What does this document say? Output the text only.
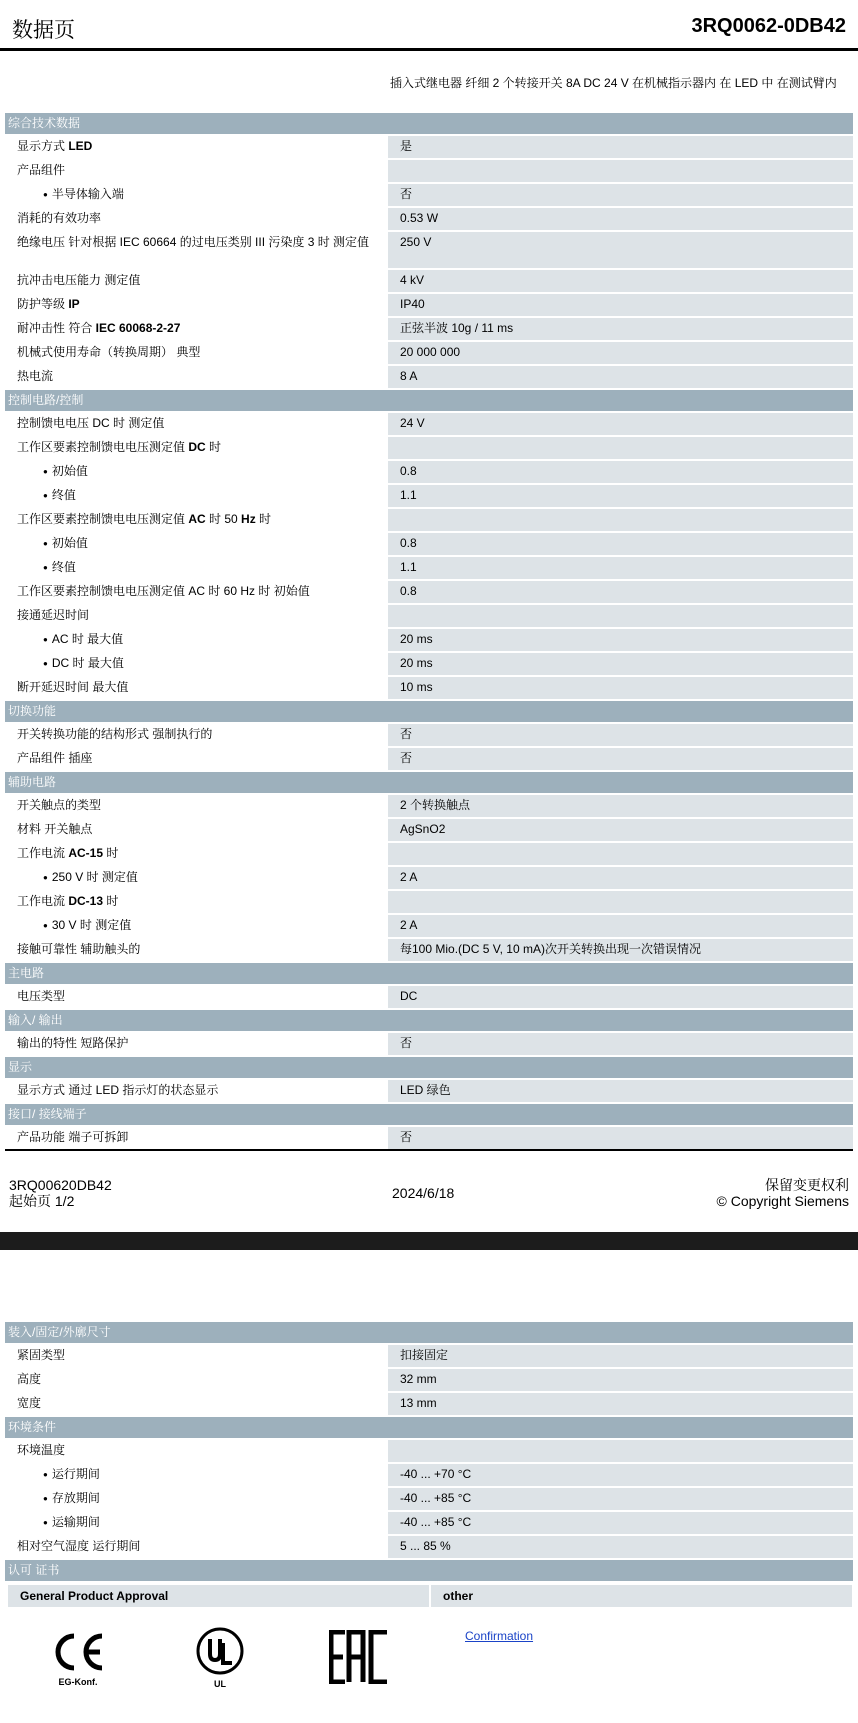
数据页	3RQ0062-0DB42
插入式继电器 纤细 2 个转接开关 8A DC 24 V 在机械指示器内 在 LED 中 在测试臂内
综合技术数据	
显示方式 LED	是
产品组件	
● 半导体输入端	否
消耗的有效功率	0.53 W
绝缘电压 针对根据 IEC 60664 的过电压类别 III 污染度 3 时 测定值	250 V
抗冲击电压能力 测定值	4 kV
防护等级 IP	IP40
耐冲击性 符合 IEC 60068-2-27	正弦半波 10g / 11 ms
机械式使用寿命（转换周期） 典型	20 000 000
热电流	8 A
控制电路/控制	
控制馈电电压 DC 时 测定值	24 V
工作区要素控制馈电电压测定值 DC 时	
● 初始值	0.8
● 终值	1.1
工作区要素控制馈电电压测定值 AC 时 50 Hz 时	
● 初始值	0.8
● 终值	1.1
工作区要素控制馈电电压测定值 AC 时 60 Hz 时 初始值	0.8
接通延迟时间	
● AC 时 最大值	20 ms
● DC 时 最大值	20 ms
断开延迟时间 最大值	10 ms
切换功能	
开关转换功能的结构形式 强制执行的	否
产品组件 插座	否
辅助电路	
开关触点的类型	2 个转换触点
材料 开关触点	AgSnO2
工作电流 AC-15 时	
● 250 V 时 测定值	2 A
工作电流 DC-13 时	
● 30 V 时 测定值	2 A
接触可靠性 辅助触头的	每100 Mio.(DC 5 V, 10 mA)次开关转换出现一次错误情况
主电路	
电压类型	DC
输入/ 输出	
输出的特性 短路保护	否
显示	
显示方式 通过 LED 指示灯的状态显示	LED 绿色
接口/ 接线端子	
产品功能 端子可拆卸	否
3RQ00620DB42
起始页 1/2	2024/6/18	保留变更权利
© Copyright Siemens
装入/固定/外廓尺寸	
紧固类型	扣接固定
高度	32 mm
宽度	13 mm
环境条件	
环境温度	
● 运行期间	-40 ... +70 °C
● 存放期间	-40 ... +85 °C
● 运输期间	-40 ... +85 °C
相对空气湿度 运行期间	5 ... 85 %
认可 证书	
General Product Approval	other
EG-Konf.	UL
Confirmation
